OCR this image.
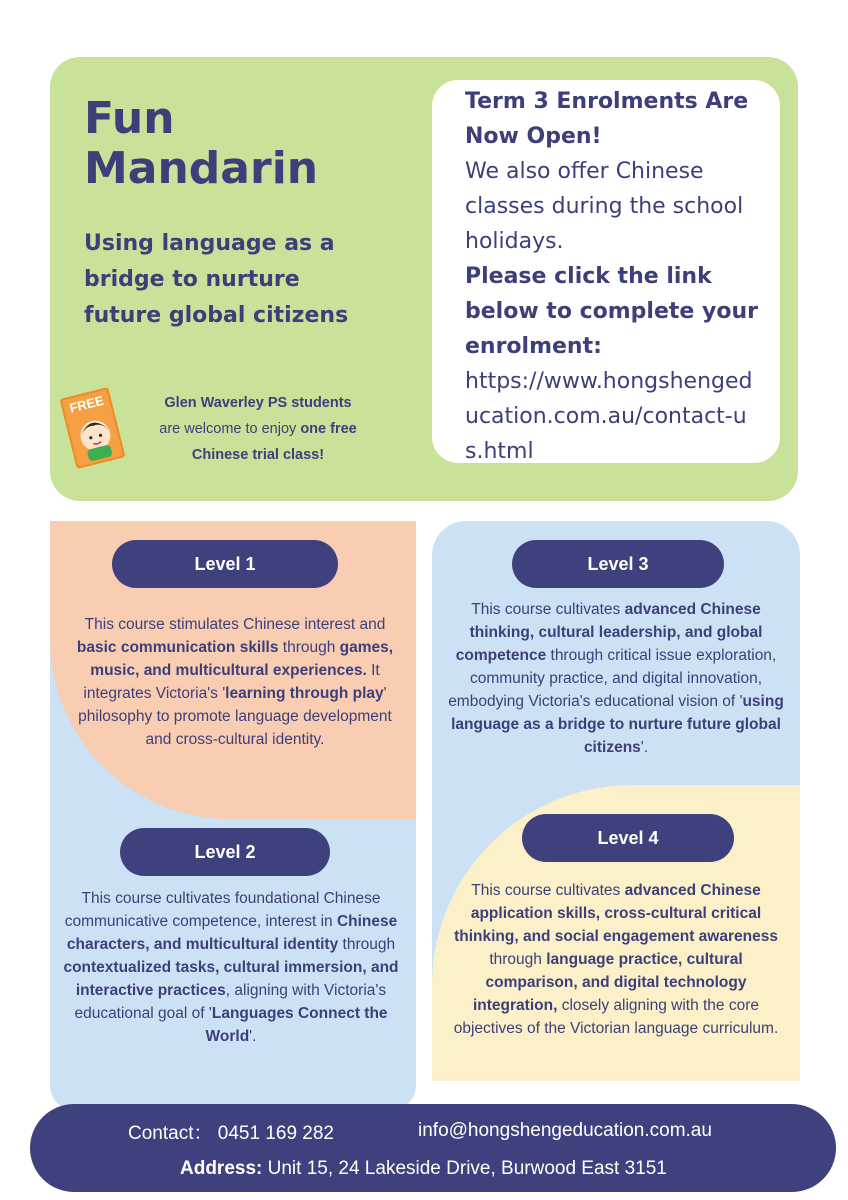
Fun
Mandarin
Using language as a bridge to nurture future global citizens
FREE	Glen Waverley PS students
are welcome to enjoy one free
Chinese trial class!
Term 3 Enrolments Are Now Open!
We also offer Chinese classes during the school holidays.
Please click the link below to complete your enrolment:
https://www.hongshengeducation.com.au/contact-us.html
Level 1
Level 2
Level 3
Level 4
This course stimulates Chinese interest and basic communication skills through games, music, and multicultural experiences. It integrates Victoria's 'learning through play' philosophy to promote language development and cross-cultural identity.
This course cultivates foundational Chinese communicative competence, interest in Chinese characters, and multicultural identity through contextualized tasks, cultural immersion, and interactive practices, aligning with Victoria's educational goal of 'Languages Connect the World'.
This course cultivates advanced Chinese thinking, cultural leadership, and global competence through critical issue exploration, community practice, and digital innovation, embodying Victoria's educational vision of 'using language as a bridge to nurture future global citizens'.
This course cultivates advanced Chinese application skills, cross-cultural critical thinking, and social engagement awareness through language practice, cultural comparison, and digital technology integration, closely aligning with the core objectives of the Victorian language curriculum.
Contact： 0451 169 282	info@hongshengeducation.com.au
Address: Unit 15, 24 Lakeside Drive, Burwood East 3151
